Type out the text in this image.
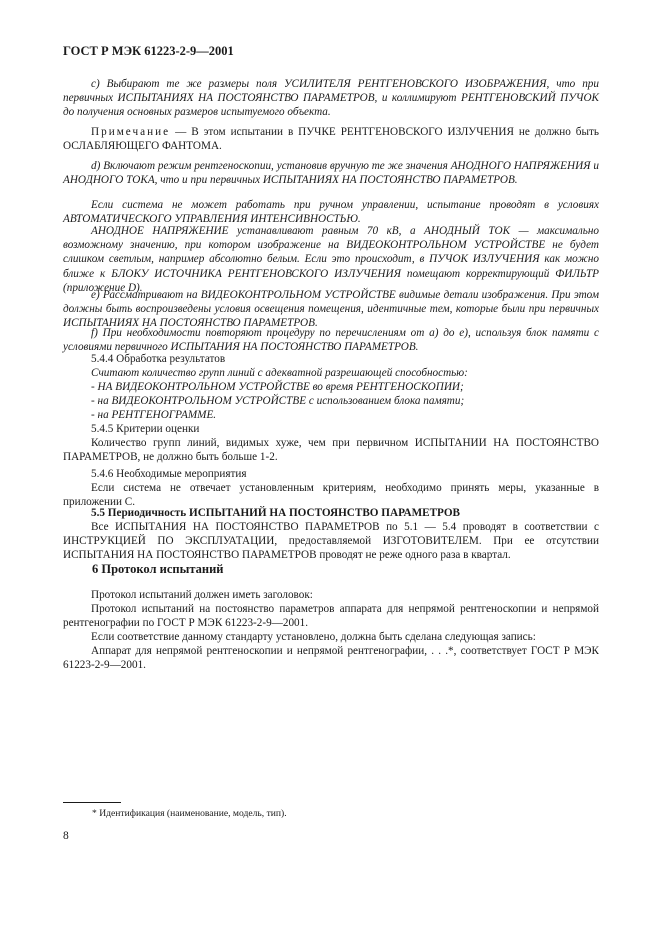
ГОСТ Р МЭК 61223-2-9—2001
c) Выбирают те же размеры поля УСИЛИТЕЛЯ РЕНТГЕНОВСКОГО ИЗОБРАЖЕНИЯ, что при первичных ИСПЫТАНИЯХ НА ПОСТОЯНСТВО ПАРАМЕТРОВ, и коллимируют РЕНТГЕНОВСКИЙ ПУЧОК до получения основных размеров испытуемого объекта.
Примечание — В этом испытании в ПУЧКЕ РЕНТГЕНОВСКОГО ИЗЛУЧЕНИЯ не должно быть ОСЛАБЛЯЮЩЕГО ФАНТОМА.
d) Включают режим рентгеноскопии, установив вручную те же значения АНОДНОГО НАПРЯЖЕНИЯ и АНОДНОГО ТОКА, что и при первичных ИСПЫТАНИЯХ НА ПОСТОЯНСТВО ПАРАМЕТРОВ.
Если система не может работать при ручном управлении, испытание проводят в условиях АВТОМАТИЧЕСКОГО УПРАВЛЕНИЯ ИНТЕНСИВНОСТЬЮ.
АНОДНОЕ НАПРЯЖЕНИЕ устанавливают равным 70 кВ, а АНОДНЫЙ ТОК — максимально возможному значению, при котором изображение на ВИДЕОКОНТРОЛЬНОМ УСТРОЙСТВЕ не будет слишком светлым, например абсолютно белым. Если это происходит, в ПУЧОК ИЗЛУЧЕНИЯ как можно ближе к БЛОКУ ИСТОЧНИКА РЕНТГЕНОВСКОГО ИЗЛУЧЕНИЯ помещают корректирующий ФИЛЬТР (приложение D).
e) Рассматривают на ВИДЕОКОНТРОЛЬНОМ УСТРОЙСТВЕ видимые детали изображения. При этом должны быть воспроизведены условия освещения помещения, идентичные тем, которые были при первичных ИСПЫТАНИЯХ НА ПОСТОЯНСТВО ПАРАМЕТРОВ.
f) При необходимости повторяют процедуру по перечислениям от а) до е), используя блок памяти с условиями первичного ИСПЫТАНИЯ НА ПОСТОЯНСТВО ПАРАМЕТРОВ.
5.4.4 Обработка результатов
Считают количество групп линий с адекватной разрешающей способностью:
- НА ВИДЕОКОНТРОЛЬНОМ УСТРОЙСТВЕ во время РЕНТГЕНОСКОПИИ;
- на ВИДЕОКОНТРОЛЬНОМ УСТРОЙСТВЕ с использованием блока памяти;
- на РЕНТГЕНОГРАММЕ.
5.4.5 Критерии оценки
Количество групп линий, видимых хуже, чем при первичном ИСПЫТАНИИ НА ПОСТОЯНСТВО ПАРАМЕТРОВ, не должно быть больше 1-2.
5.4.6 Необходимые мероприятия
Если система не отвечает установленным критериям, необходимо принять меры, указанные в приложении С.
5.5 Периодичность ИСПЫТАНИЙ НА ПОСТОЯНСТВО ПАРАМЕТРОВ
Все ИСПЫТАНИЯ НА ПОСТОЯНСТВО ПАРАМЕТРОВ по 5.1 — 5.4 проводят в соответствии с ИНСТРУКЦИЕЙ ПО ЭКСПЛУАТАЦИИ, предоставляемой ИЗГОТОВИТЕЛЕМ. При ее отсутствии ИСПЫТАНИЯ НА ПОСТОЯНСТВО ПАРАМЕТРОВ проводят не реже одного раза в квартал.
6 Протокол испытаний
Протокол испытаний должен иметь заголовок:
Протокол испытаний на постоянство параметров аппарата для непрямой рентгеноскопии и непрямой рентгенографии по ГОСТ Р МЭК 61223-2-9—2001.
Если соответствие данному стандарту установлено, должна быть сделана следующая запись:
Аппарат для непрямой рентгеноскопии и непрямой рентгенографии, . . .*, соответствует ГОСТ Р МЭК 61223-2-9—2001.
* Идентификация (наименование, модель, тип).
8
